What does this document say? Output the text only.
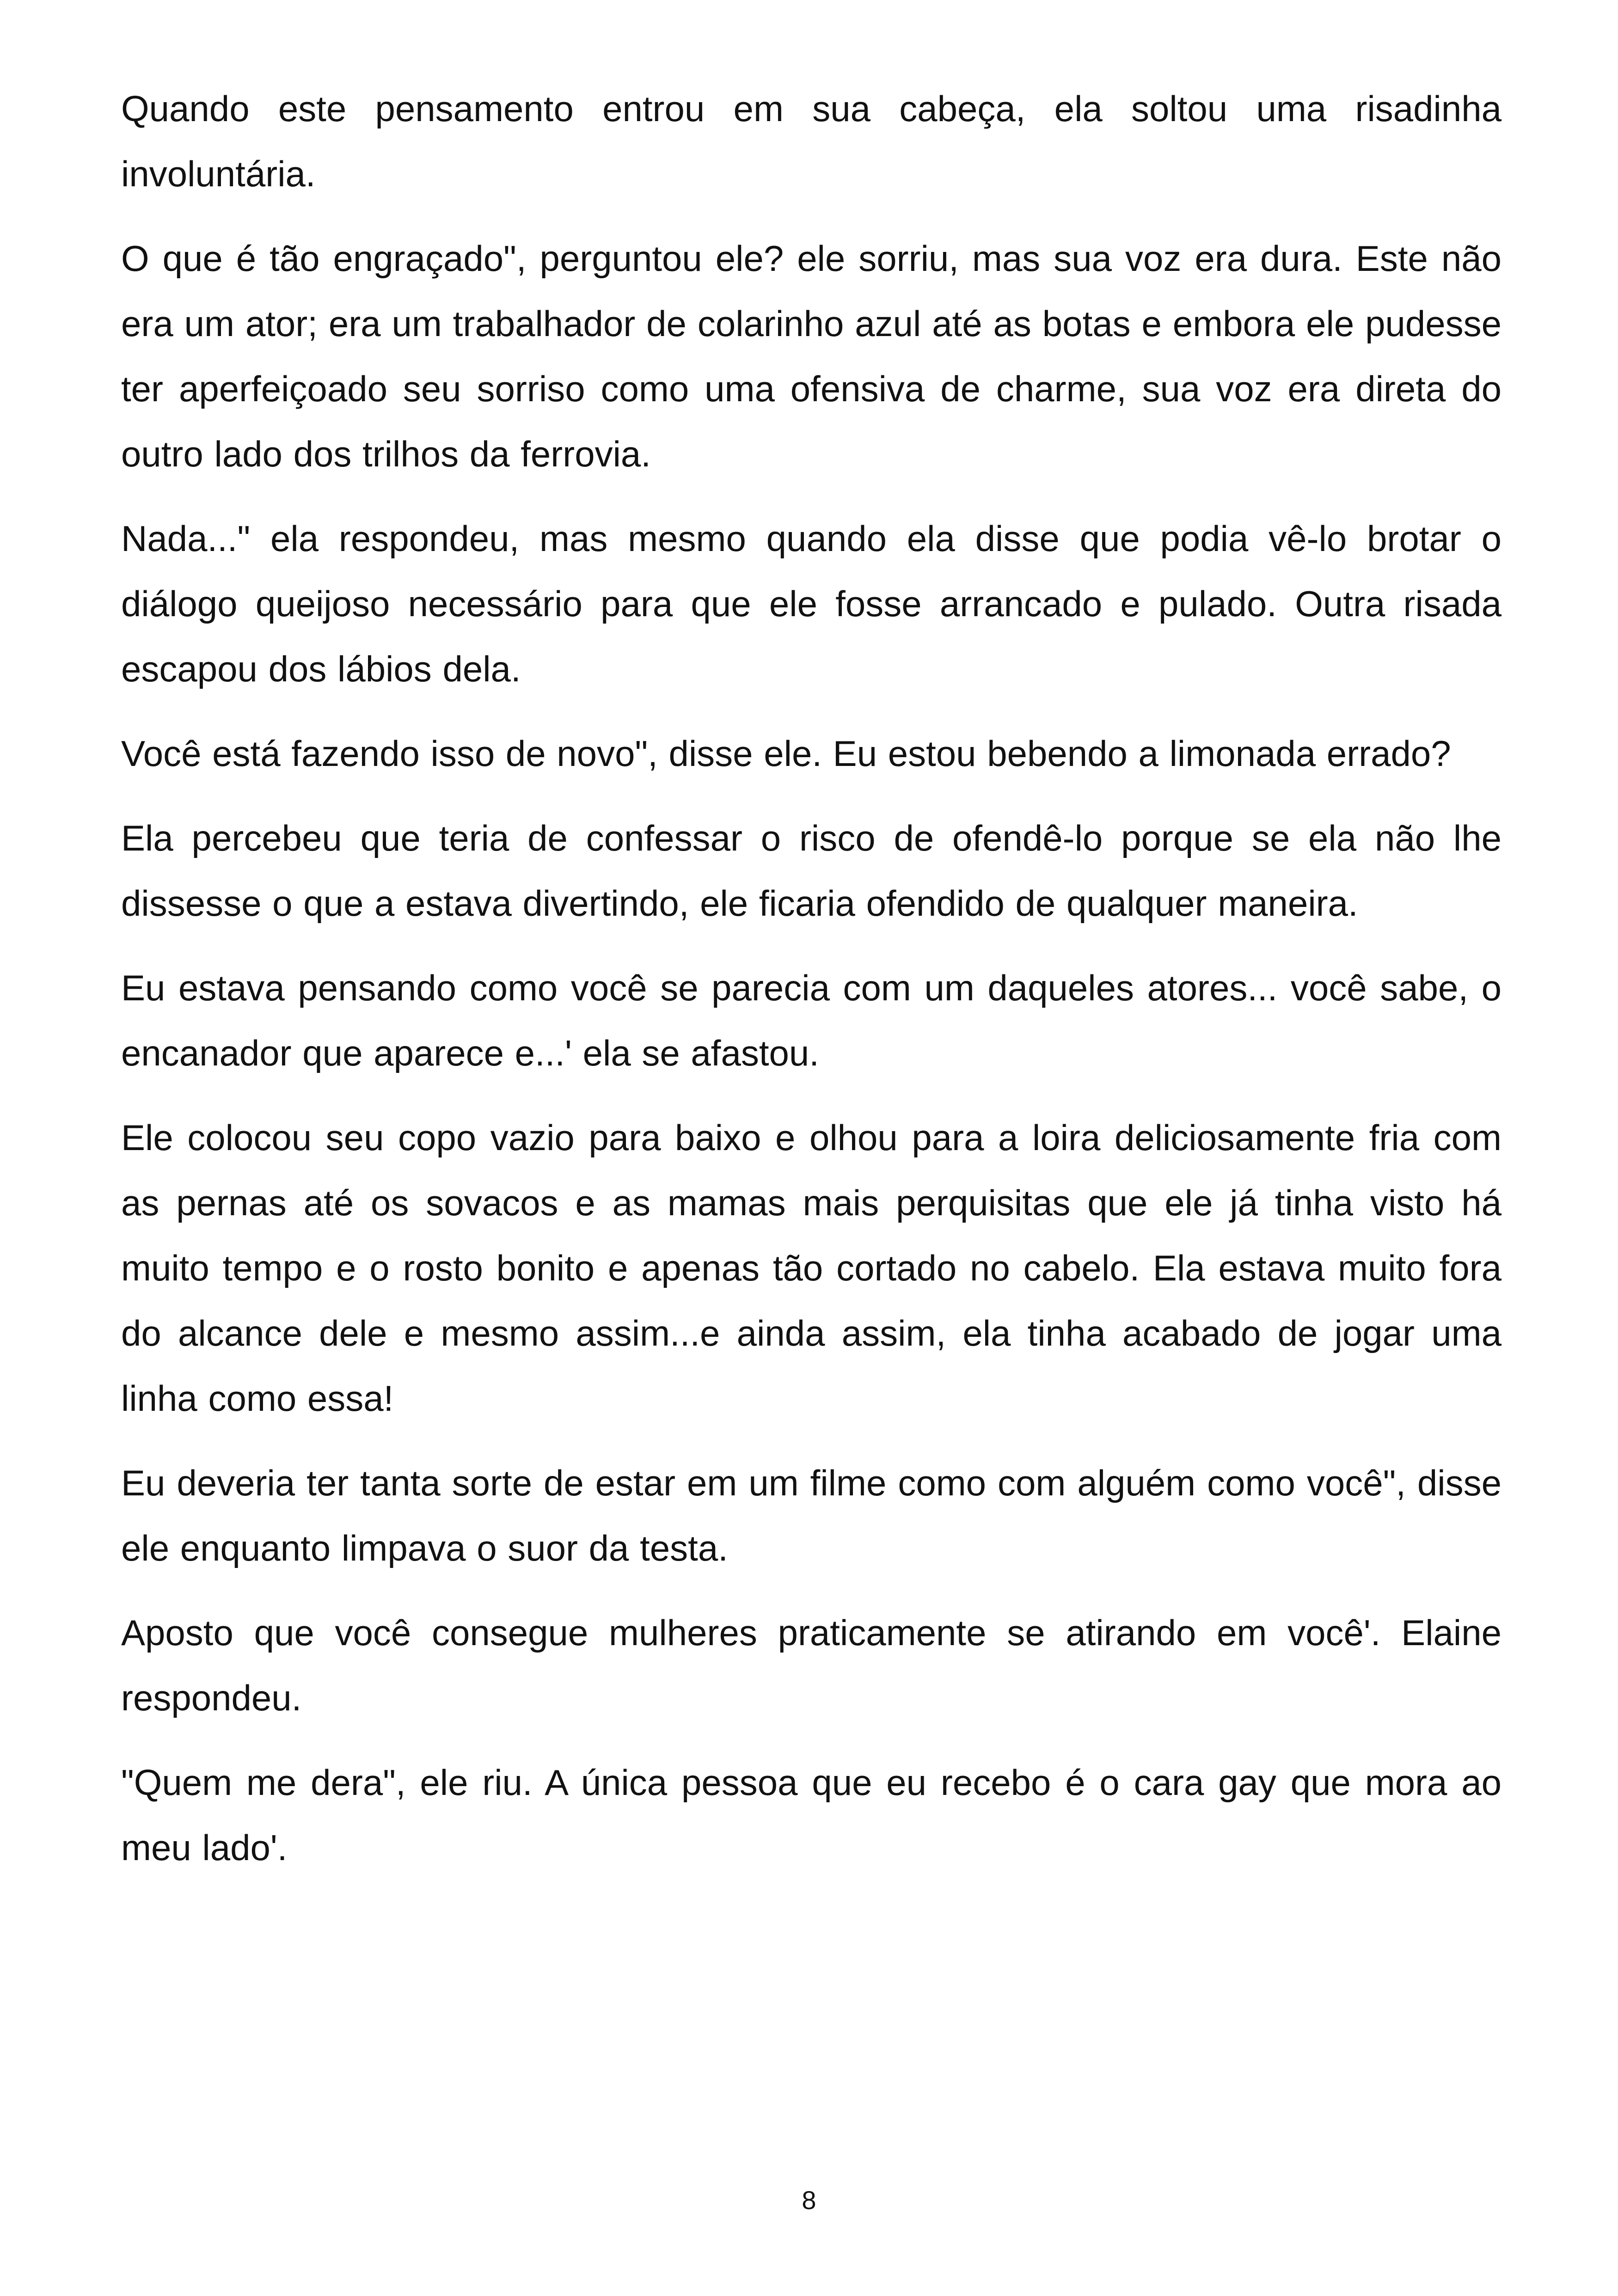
Quando este pensamento entrou em sua cabeça, ela soltou uma risadinha involuntária.

O que é tão engraçado", perguntou ele? ele sorriu, mas sua voz era dura. Este não era um ator; era um trabalhador de colarinho azul até as botas e embora ele pudesse ter aperfeiçoado seu sorriso como uma ofensiva de charme, sua voz era direta do outro lado dos trilhos da ferrovia.

Nada..." ela respondeu, mas mesmo quando ela disse que podia vê-lo brotar o diálogo queijoso necessário para que ele fosse arrancado e pulado. Outra risada escapou dos lábios dela.

Você está fazendo isso de novo", disse ele. Eu estou bebendo a limonada errado?

Ela percebeu que teria de confessar o risco de ofendê-lo porque se ela não lhe dissesse o que a estava divertindo, ele ficaria ofendido de qualquer maneira.

Eu estava pensando como você se parecia com um daqueles atores... você sabe, o encanador que aparece e...' ela se afastou.

Ele colocou seu copo vazio para baixo e olhou para a loira deliciosamente fria com as pernas até os sovacos e as mamas mais perquisitas que ele já tinha visto há muito tempo e o rosto bonito e apenas tão cortado no cabelo. Ela estava muito fora do alcance dele e mesmo assim...e ainda assim, ela tinha acabado de jogar uma linha como essa!

Eu deveria ter tanta sorte de estar em um filme como com alguém como você", disse ele enquanto limpava o suor da testa.

Aposto que você consegue mulheres praticamente se atirando em você'. Elaine respondeu.

"Quem me dera", ele riu. A única pessoa que eu recebo é o cara gay que mora ao meu lado'.

8
